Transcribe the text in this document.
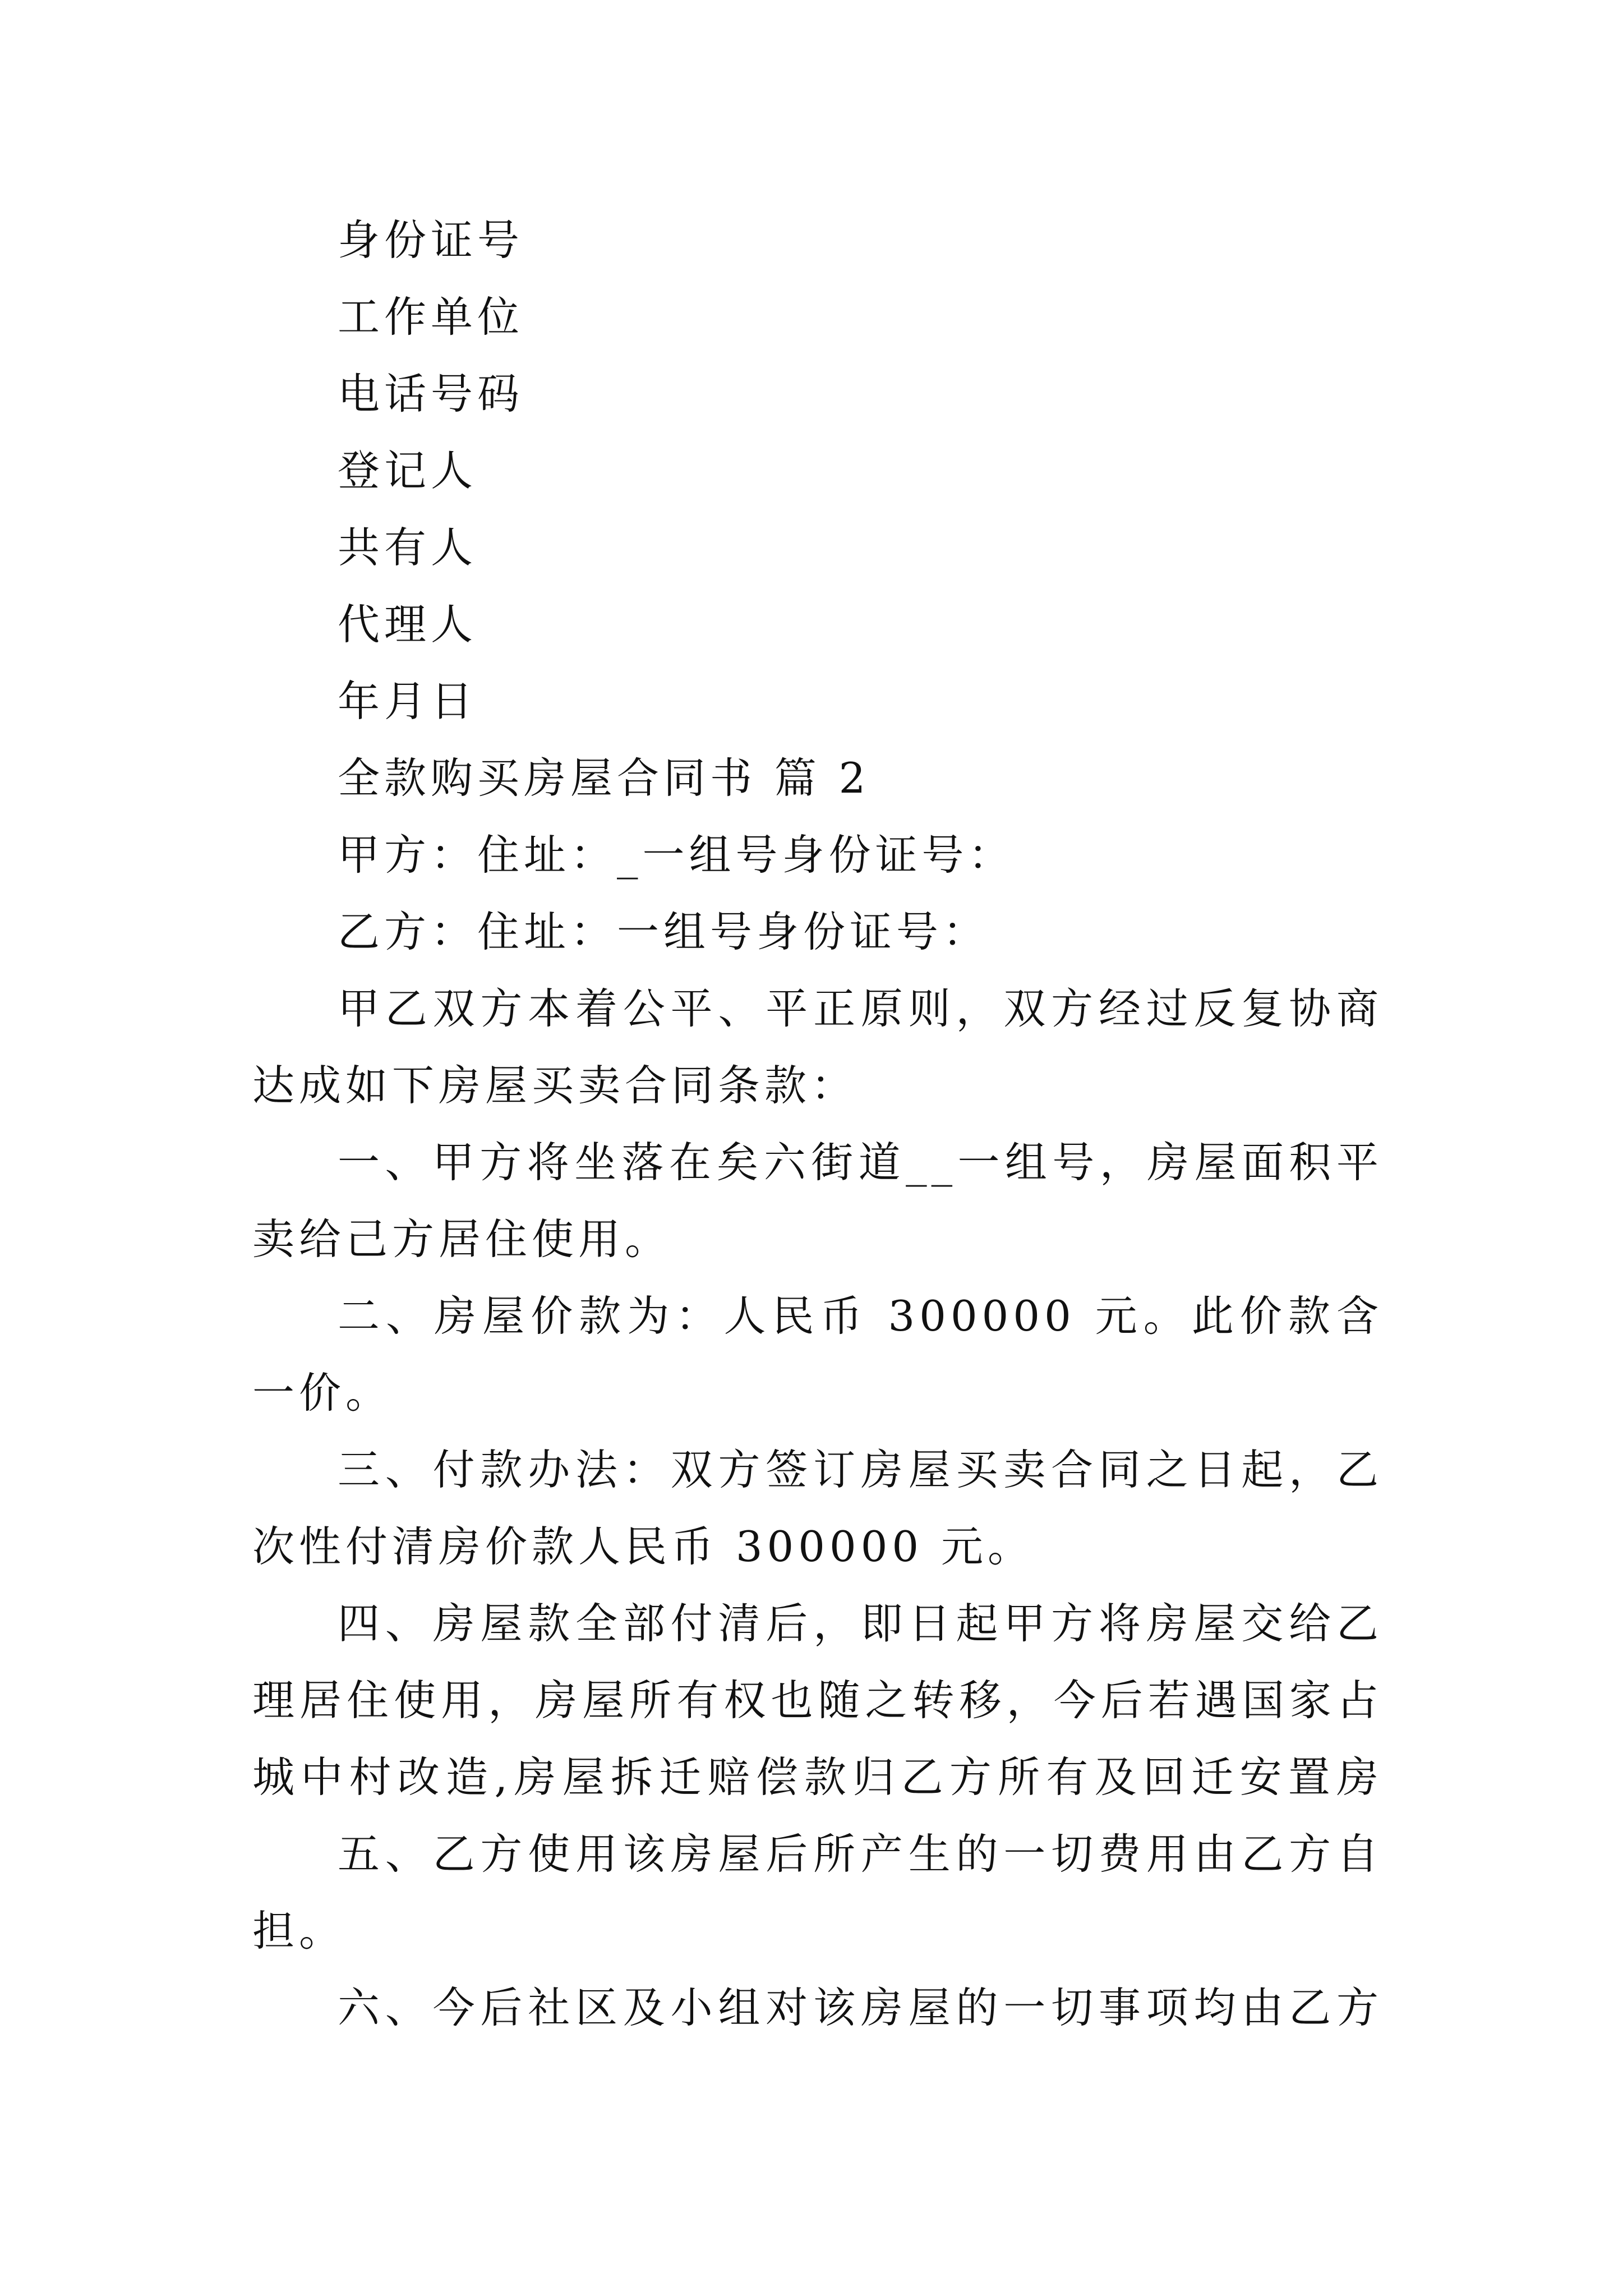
身份证号
工作单位
电话号码
登记人
共有人
代理人
年月日
全款购买房屋合同书 篇 2
甲方：住址：_一组号身份证号：
乙方：住址：一组号身份证号：
甲乙双方本着公平、平正原则，双方经过反复协商
达成如下房屋买卖合同条款：
一、甲方将坐落在矣六街道__一组号，房屋面积平
卖给己方居住使用。
二、房屋价款为：人民币 300000 元。此价款含
一价。
三、付款办法：双方签订房屋买卖合同之日起，乙
次性付清房价款人民币 300000 元。
四、房屋款全部付清后，即日起甲方将房屋交给乙
理居住使用，房屋所有权也随之转移，今后若遇国家占
城中村改造,房屋拆迁赔偿款归乙方所有及回迁安置房
五、乙方使用该房屋后所产生的一切费用由乙方自
担。
六、今后社区及小组对该房屋的一切事项均由乙方
